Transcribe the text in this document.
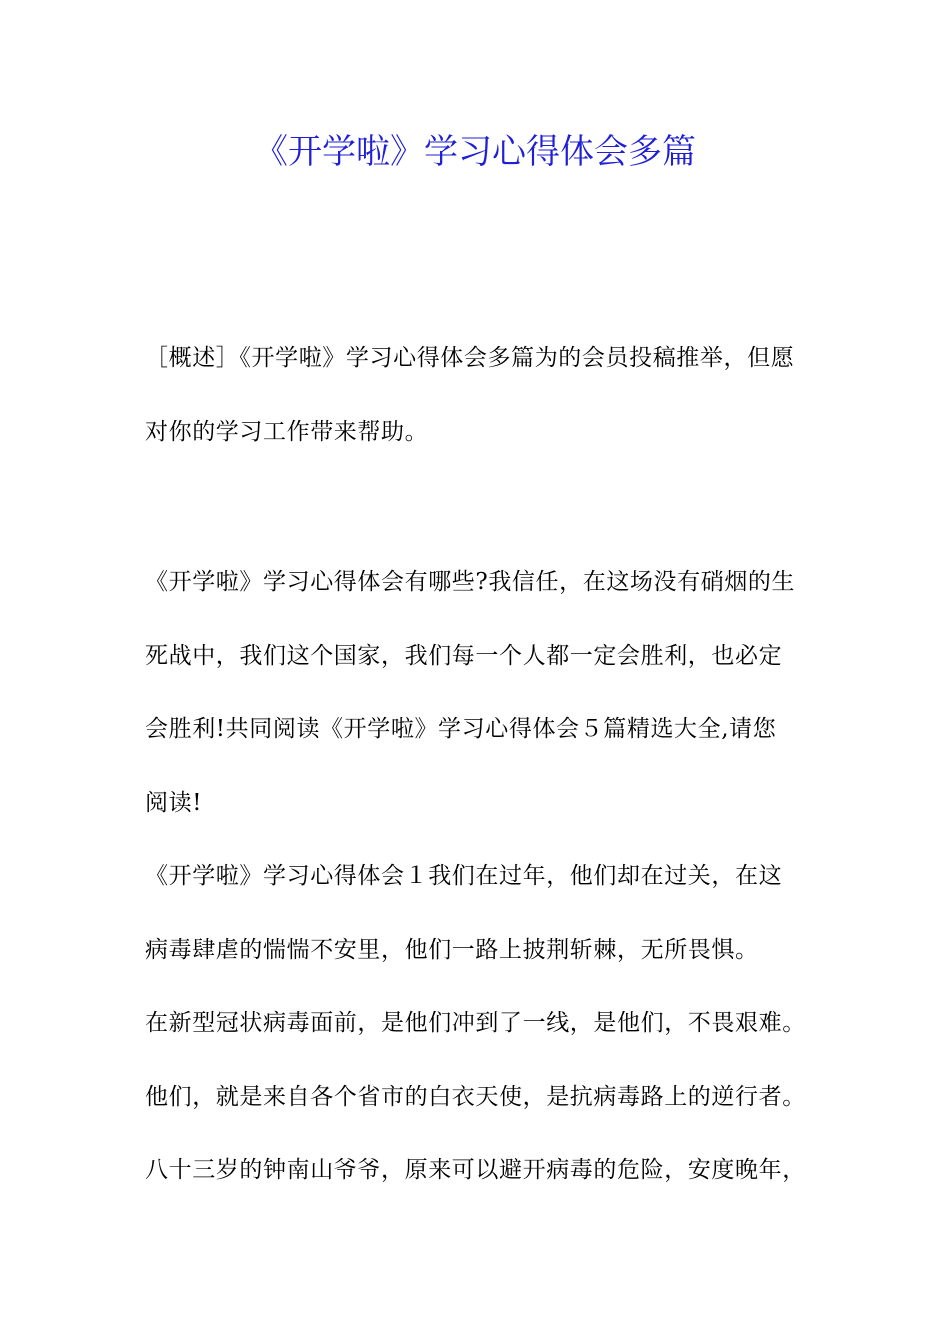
《开学啦》学习心得体会多篇
［概述］《开学啦》学习心得体会多篇为的会员投稿推举，但愿
对你的学习工作带来帮助。
《开学啦》学习心得体会有哪些?我信任，在这场没有硝烟的生
死战中，我们这个国家，我们每一个人都一定会胜利，也必定
会胜利!共同阅读《开学啦》学习心得体会５篇精选大全,请您
阅读!
《开学啦》学习心得体会１我们在过年，他们却在过关，在这
病毒肆虐的惴惴不安里，他们一路上披荆斩棘，无所畏惧。
在新型冠状病毒面前，是他们冲到了一线，是他们，不畏艰难。
他们，就是来自各个省市的白衣天使，是抗病毒路上的逆行者。
八十三岁的钟南山爷爷，原来可以避开病毒的危险，安度晚年，
